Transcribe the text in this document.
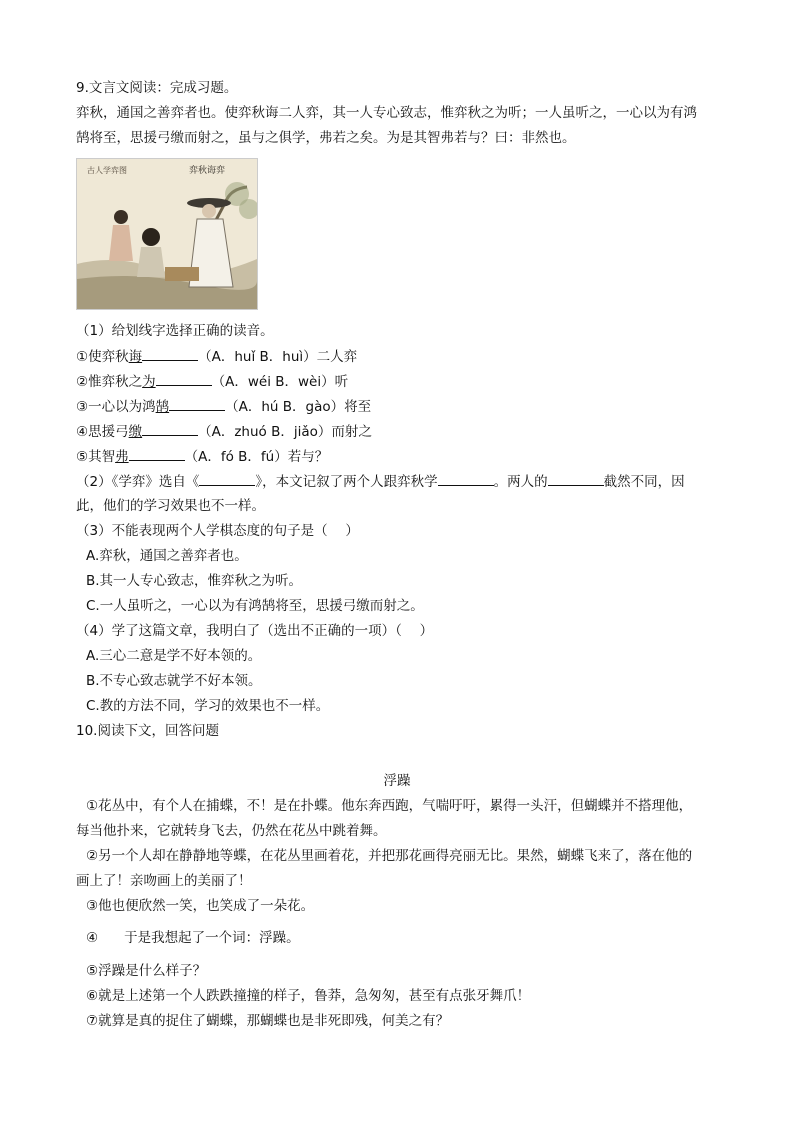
9.文言文阅读：完成习题。
弈秋，通国之善弈者也。使弈秋诲二人弈，其一人专心致志，惟弈秋之为听；一人虽听之，一心以为有鸿
鹄将至，思援弓缴而射之，虽与之俱学，弗若之矣。为是其智弗若与？曰：非然也。
古人学弈图	弈秋诲弈
（1）给划线字选择正确的读音。
①使弈秋诲	（A．huǐ B．huì）二人弈
②惟弈秋之为	（A．wéi B．wèi）听
③一心以为鸿鹄	（A．hú B．gào）将至
④思援弓缴	（A．zhuó B．jiǎo）而射之
⑤其智弗	（A．fó B．fú）若与？
（2）《学弈》选自《	》，本文记叙了两个人跟弈秋学	。两人的	截然不同，因
此，他们的学习效果也不一样。
（3）不能表现两个人学棋态度的句子是（　 ）
A.弈秋，通国之善弈者也。
B.其一人专心致志，惟弈秋之为听。
C.一人虽听之，一心以为有鸿鹄将至，思援弓缴而射之。
（4）学了这篇文章，我明白了（选出不正确的一项）（　 ）
A.三心二意是学不好本领的。
B.不专心致志就学不好本领。
C.教的方法不同，学习的效果也不一样。
10.阅读下文，回答问题
浮躁
①花丛中，有个人在捕蝶，不！是在扑蝶。他东奔西跑，气喘吁吁，累得一头汗，但蝴蝶并不搭理他，
每当他扑来，它就转身飞去，仍然在花丛中跳着舞。
②另一个人却在静静地等蝶，在花丛里画着花，并把那花画得亮丽无比。果然，蝴蝶飞来了，落在他的
画上了！亲吻画上的美丽了！
③他也便欣然一笑，也笑成了一朵花。
④ 于是我想起了一个词：浮躁。
⑤浮躁是什么样子？
⑥就是上述第一个人跌跌撞撞的样子，鲁莽，急匆匆，甚至有点张牙舞爪！
⑦就算是真的捉住了蝴蝶，那蝴蝶也是非死即残，何美之有？
